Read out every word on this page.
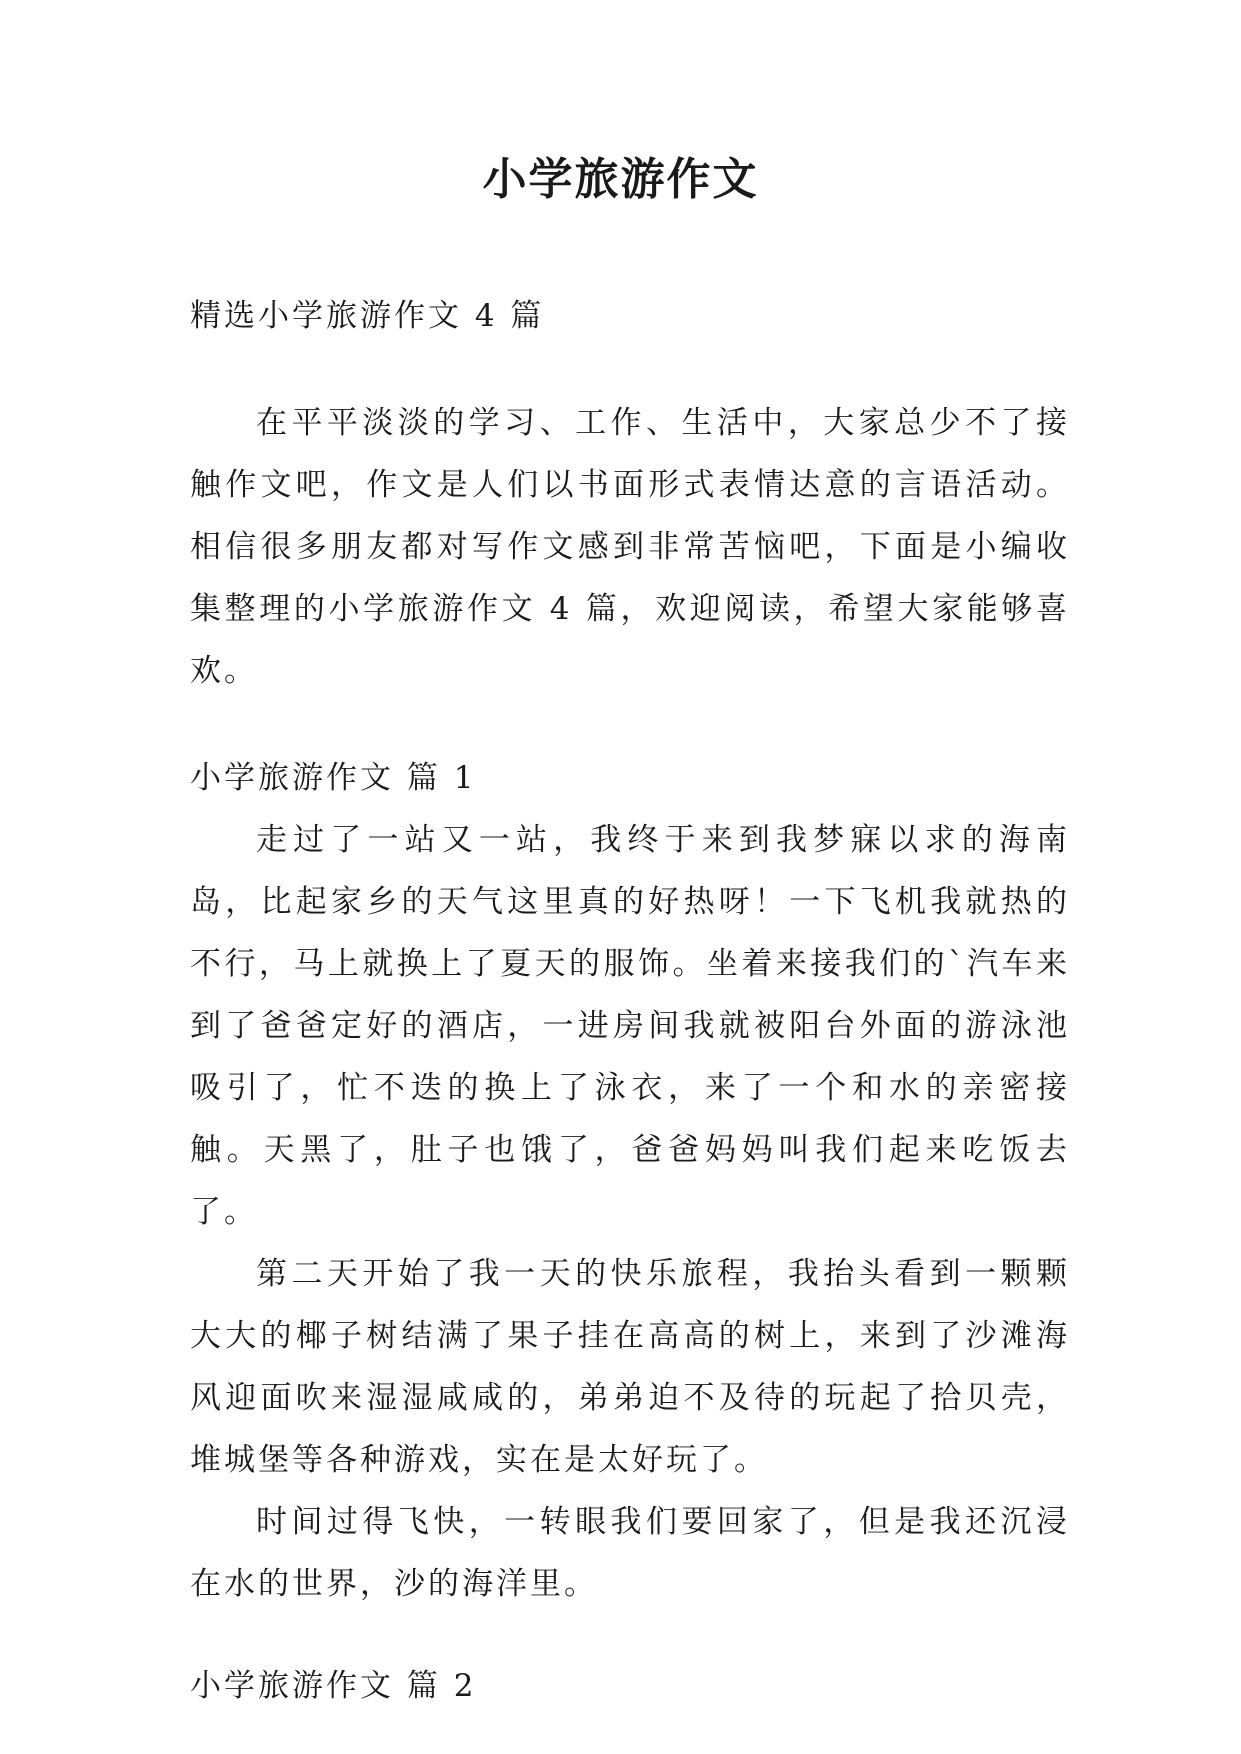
小学旅游作文

精选小学旅游作文 4 篇

在平平淡淡的学习、工作、生活中，大家总少不了接触作文吧，作文是人们以书面形式表情达意的言语活动。相信很多朋友都对写作文感到非常苦恼吧，下面是小编收集整理的小学旅游作文 4 篇，欢迎阅读，希望大家能够喜欢。

小学旅游作文 篇 1

走过了一站又一站，我终于来到我梦寐以求的海南岛，比起家乡的天气这里真的好热呀！一下飞机我就热的不行，马上就换上了夏天的服饰。坐着来接我们的`汽车来到了爸爸定好的酒店，一进房间我就被阳台外面的游泳池吸引了，忙不迭的换上了泳衣，来了一个和水的亲密接触。天黑了，肚子也饿了，爸爸妈妈叫我们起来吃饭去了。

第二天开始了我一天的快乐旅程，我抬头看到一颗颗大大的椰子树结满了果子挂在高高的树上，来到了沙滩海风迎面吹来湿湿咸咸的，弟弟迫不及待的玩起了拾贝壳，堆城堡等各种游戏，实在是太好玩了。

时间过得飞快，一转眼我们要回家了，但是我还沉浸在水的世界，沙的海洋里。

小学旅游作文 篇 2
